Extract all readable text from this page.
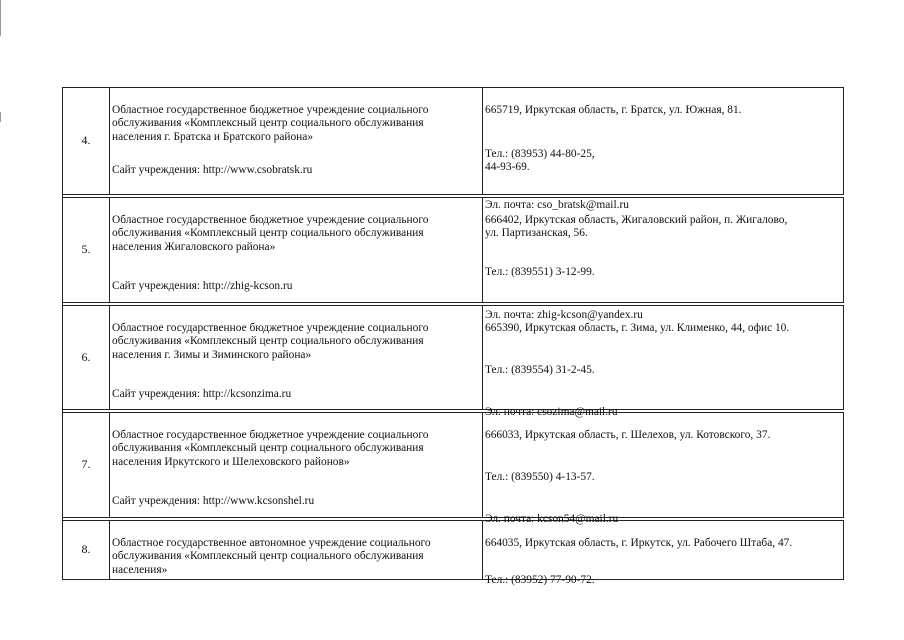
4.

Областное государственное бюджетное учреждение социального
обслуживания «Комплексный центр социального обслуживания
населения г. Братска и Братского района»

Сайт учреждения: http://www.csobratsk.ru

665719, Иркутская область, г. Братск, ул. Южная, 81.

Тел.: (83953) 44-80-25,
44-93-69.

Эл. почта: cso_bratsk@mail.ru

5.

Областное государственное бюджетное учреждение социального
обслуживания «Комплексный центр социального обслуживания
населения Жигаловского района»

Сайт учреждения: http://zhig-kcson.ru

666402, Иркутская область, Жигаловский район, п. Жигалово,
ул. Партизанская, 56.

Тел.: (839551) 3-12-99.

Эл. почта: zhig-kcson@yandex.ru

6.

Областное государственное бюджетное учреждение социального
обслуживания «Комплексный центр социального обслуживания
населения г. Зимы и Зиминского района»

Сайт учреждения: http://kcsonzima.ru

665390, Иркутская область, г. Зима, ул. Клименко, 44, офис 10.

Тел.: (839554) 31-2-45.

Эл. почта: csozima@mail.ru

7.

Областное государственное бюджетное учреждение социального
обслуживания «Комплексный центр социального обслуживания
населения Иркутского и Шелеховского районов»

Сайт учреждения: http://www.kcsonshel.ru

666033, Иркутская область, г. Шелехов, ул. Котовского, 37.

Тел.: (839550) 4-13-57.

Эл. почта: kcson54@mail.ru

8.	Областное государственное автономное учреждение социального
обслуживания «Комплексный центр социального обслуживания
населения»

664035, Иркутская область, г. Иркутск, ул. Рабочего Штаба, 47.

Тел.: (83952) 77-90-72.
